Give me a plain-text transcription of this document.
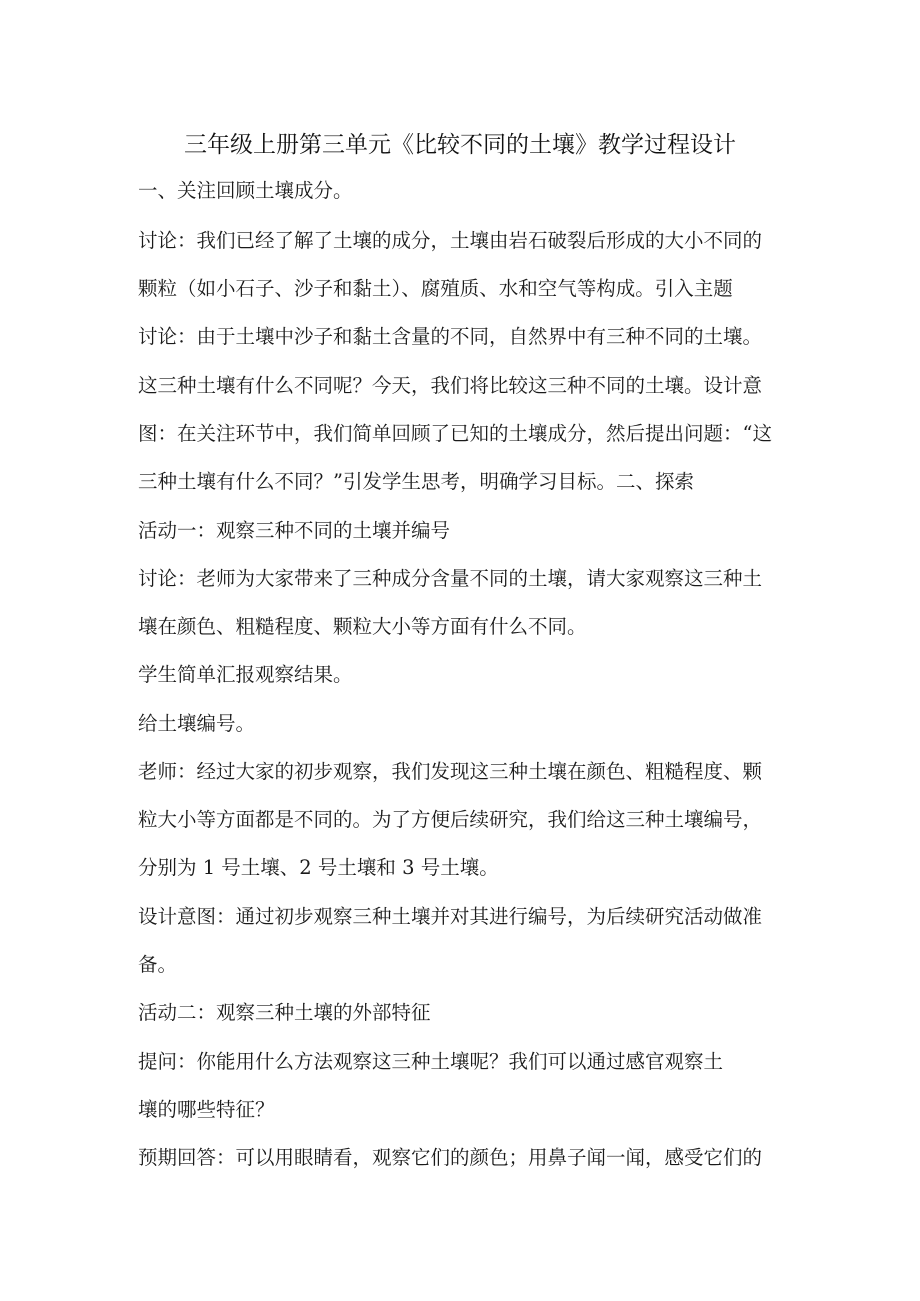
三年级上册第三单元《比较不同的土壤》教学过程设计
一、关注回顾土壤成分。
讨论：我们已经了解了土壤的成分，土壤由岩石破裂后形成的大小不同的
颗粒（如小石子、沙子和黏土）、腐殖质、水和空气等构成。引入主题
讨论：由于土壤中沙子和黏土含量的不同，自然界中有三种不同的土壤。
这三种土壤有什么不同呢？今天，我们将比较这三种不同的土壤。设计意
图：在关注环节中，我们简单回顾了已知的土壤成分，然后提出问题：“这
三种土壤有什么不同？”引发学生思考，明确学习目标。二、探索
活动一：观察三种不同的土壤并编号
讨论：老师为大家带来了三种成分含量不同的土壤，请大家观察这三种土
壤在颜色、粗糙程度、颗粒大小等方面有什么不同。
学生简单汇报观察结果。
给土壤编号。
老师：经过大家的初步观察，我们发现这三种土壤在颜色、粗糙程度、颗
粒大小等方面都是不同的。为了方便后续研究，我们给这三种土壤编号，
分别为 1 号土壤、2 号土壤和 3 号土壤。
设计意图：通过初步观察三种土壤并对其进行编号，为后续研究活动做准
备。
活动二：观察三种土壤的外部特征
提问：你能用什么方法观察这三种土壤呢？我们可以通过感官观察土
壤的哪些特征？
预期回答：可以用眼睛看，观察它们的颜色；用鼻子闻一闻，感受它们的
